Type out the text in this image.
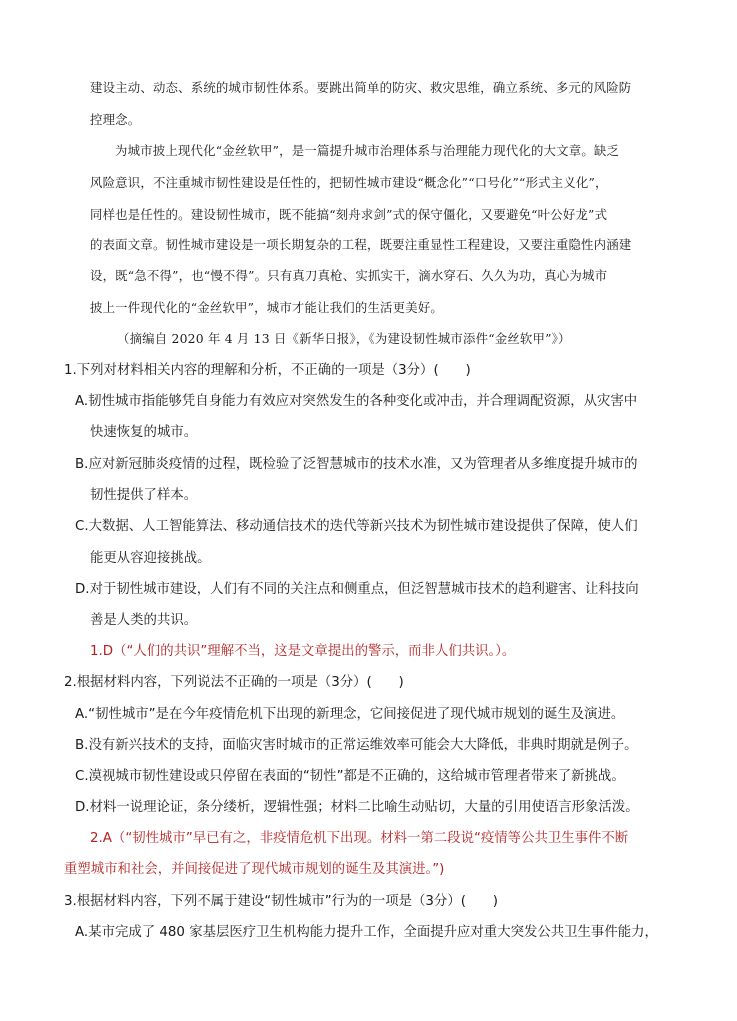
建设主动、动态、系统的城市韧性体系。要跳出简单的防灾、救灾思维，确立系统、多元的风险防
控理念。
为城市披上现代化“金丝软甲”，是一篇提升城市治理体系与治理能力现代化的大文章。缺乏
风险意识，不注重城市韧性建设是任性的，把韧性城市建设“概念化”“口号化”“形式主义化”，
同样也是任性的。建设韧性城市，既不能搞“刻舟求剑”式的保守僵化，又要避免“叶公好龙”式
的表面文章。韧性城市建设是一项长期复杂的工程，既要注重显性工程建设，又要注重隐性内涵建
设，既“急不得”，也“慢不得”。只有真刀真枪、实抓实干，滴水穿石、久久为功，真心为城市
披上一件现代化的“金丝软甲”，城市才能让我们的生活更美好。
（摘编自 2020 年 4 月 13 日《新华日报》，《为建设韧性城市添件“金丝软甲”》）
1.下列对材料相关内容的理解和分析，不正确的一项是（3分）(　　)
A.韧性城市指能够凭自身能力有效应对突然发生的各种变化或冲击，并合理调配资源，从灾害中
快速恢复的城市。
B.应对新冠肺炎疫情的过程，既检验了泛智慧城市的技术水准，又为管理者从多维度提升城市的
韧性提供了样本。
C.大数据、人工智能算法、移动通信技术的迭代等新兴技术为韧性城市建设提供了保障，使人们
能更从容迎接挑战。
D.对于韧性城市建设，人们有不同的关注点和侧重点，但泛智慧城市技术的趋利避害、让科技向
善是人类的共识。
1.D（“人们的共识”理解不当，这是文章提出的警示，而非人们共识。）。
2.根据材料内容，下列说法不正确的一项是（3分）(　　)
A.“韧性城市”是在今年疫情危机下出现的新理念，它间接促进了现代城市规划的诞生及演进。
B.没有新兴技术的支持，面临灾害时城市的正常运维效率可能会大大降低，非典时期就是例子。
C.漠视城市韧性建设或只停留在表面的“韧性”都是不正确的，这给城市管理者带来了新挑战。
D.材料一说理论证，条分缕析，逻辑性强；材料二比喻生动贴切，大量的引用使语言形象活泼。
2.A（“韧性城市”早已有之，非疫情危机下出现。材料一第二段说“疫情等公共卫生事件不断
重塑城市和社会，并间接促进了现代城市规划的诞生及其演进。”)
3.根据材料内容，下列不属于建设“韧性城市”行为的一项是（3分）(　　)
A.某市完成了 480 家基层医疗卫生机构能力提升工作，全面提升应对重大突发公共卫生事件能力，
